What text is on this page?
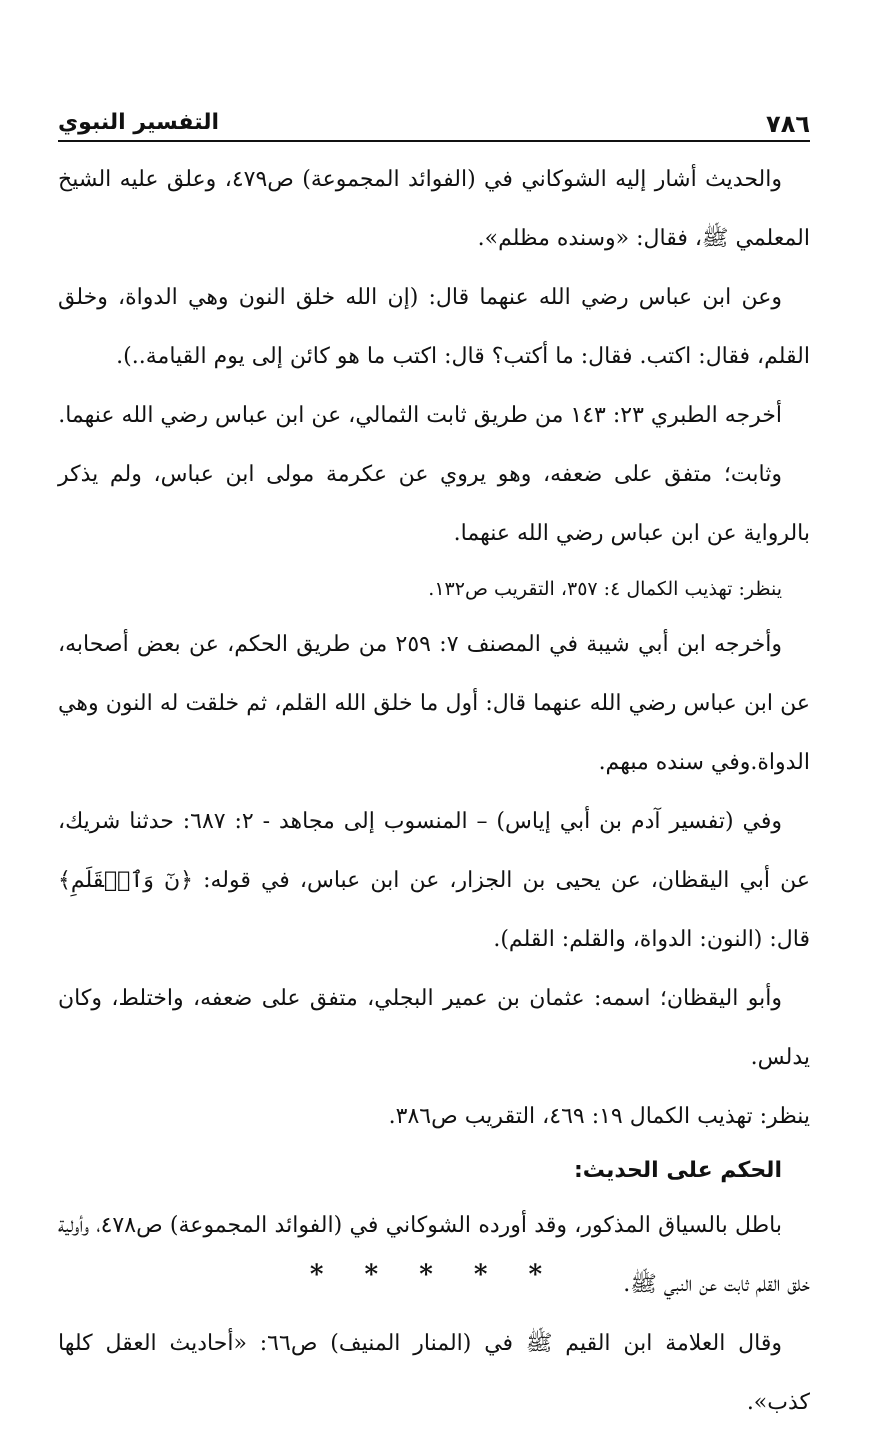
٧٨٦
التفسير النبوي

والحديث أشار إليه الشوكاني في (الفوائد المجموعة) ص٤٧٩، وعلق عليه الشيخ المعلمي ﷺ، فقال: «وسنده مظلم».

وعن ابن عباس رضي الله عنهما قال: (إن الله خلق النون وهي الدواة، وخلق القلم، فقال: اكتب. فقال: ما أكتب؟ قال: اكتب ما هو كائن إلى يوم القيامة..).

أخرجه الطبري ٢٣: ١٤٣ من طريق ثابت الثمالي، عن ابن عباس رضي الله عنهما.

وثابت؛ متفق على ضعفه، وهو يروي عن عكرمة مولى ابن عباس، ولم يذكر بالرواية عن ابن عباس رضي الله عنهما.

ينظر: تهذيب الكمال ٤: ٣٥٧، التقريب ص١٣٢.

وأخرجه ابن أبي شيبة في المصنف ٧: ٢٥٩ من طريق الحكم، عن بعض أصحابه، عن ابن عباس رضي الله عنهما قال: أول ما خلق الله القلم، ثم خلقت له النون وهي الدواة.وفي سنده مبهم.

وفي (تفسير آدم بن أبي إياس) – المنسوب إلى مجاهد - ٢: ٦٨٧: حدثنا شريك، عن أبي اليقظان، عن يحيى بن الجزار، عن ابن عباس، في قوله: ﴿نٓ وَٱلۡقَلَمِ﴾ قال: (النون: الدواة، والقلم: القلم).

وأبو اليقظان؛ اسمه: عثمان بن عمير البجلي، متفق على ضعفه، واختلط، وكان يدلس.

ينظر: تهذيب الكمال ١٩: ٤٦٩، التقريب ص٣٨٦.

الحكم على الحديث:

باطل بالسياق المذكور، وقد أورده الشوكاني في (الفوائد المجموعة) ص٤٧٨، وأولية خلق القلم ثابت عن النبي ﷺ.

وقال العلامة ابن القيم ﷺ في (المنار المنيف) ص٦٦: «أحاديث العقل كلها كذب».

* * * * *
